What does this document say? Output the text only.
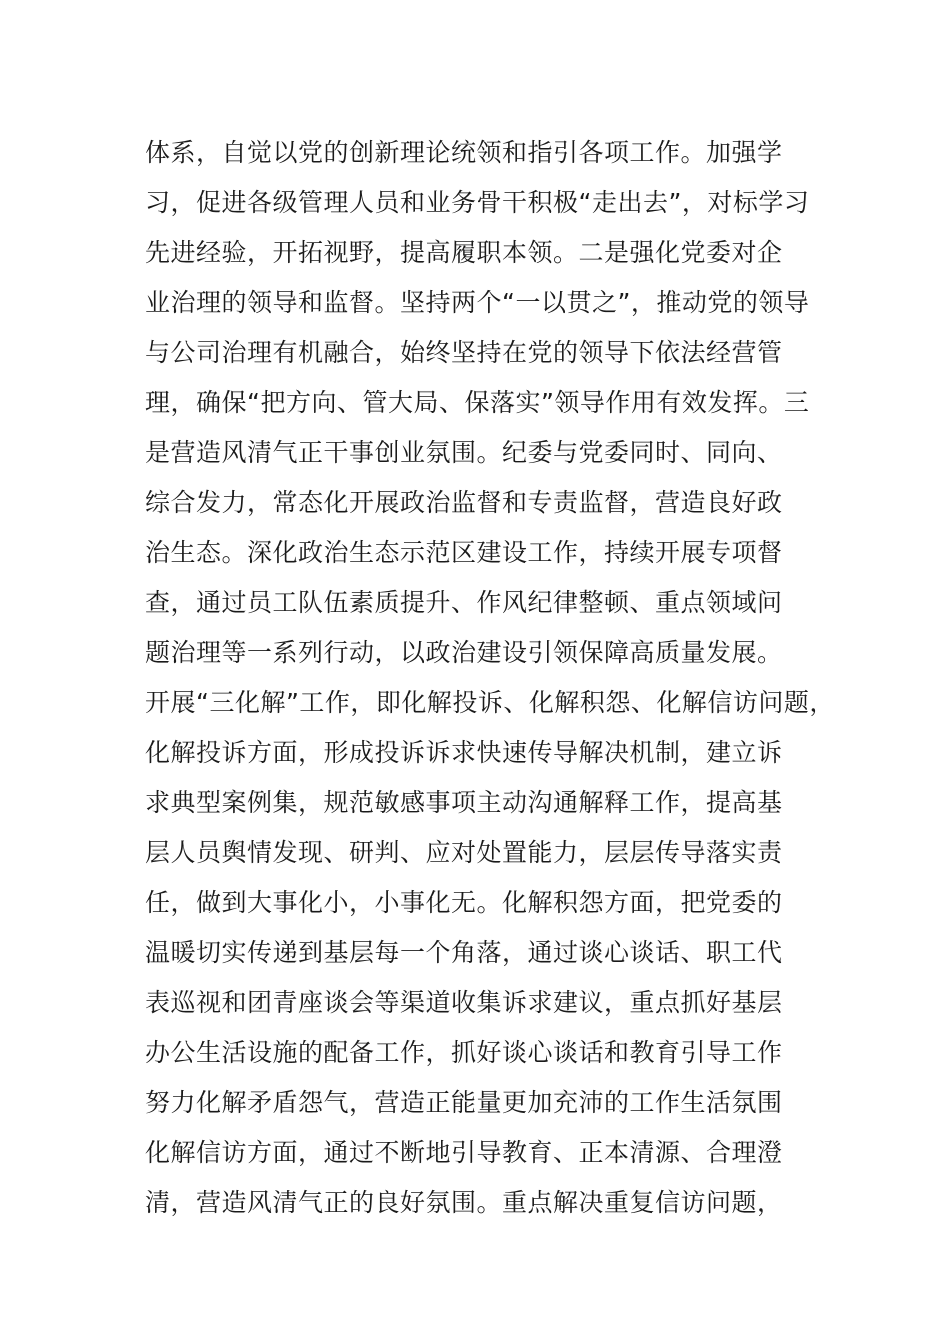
体系，自觉以党的创新理论统领和指引各项工作。加强学
习，促进各级管理人员和业务骨干积极“走出去”，对标学习
先进经验，开拓视野，提高履职本领。二是强化党委对企
业治理的领导和监督。坚持两个“一以贯之”，推动党的领导
与公司治理有机融合，始终坚持在党的领导下依法经营管
理，确保“把方向、管大局、保落实”领导作用有效发挥。三
是营造风清气正干事创业氛围。纪委与党委同时、同向、
综合发力，常态化开展政治监督和专责监督，营造良好政
治生态。深化政治生态示范区建设工作，持续开展专项督
查，通过员工队伍素质提升、作风纪律整顿、重点领域问
题治理等一系列行动，以政治建设引领保障高质量发展。
开展“三化解”工作，即化解投诉、化解积怨、化解信访问题，
化解投诉方面，形成投诉诉求快速传导解决机制，建立诉
求典型案例集，规范敏感事项主动沟通解释工作，提高基
层人员舆情发现、研判、应对处置能力，层层传导落实责
任，做到大事化小，小事化无。化解积怨方面，把党委的
温暖切实传递到基层每一个角落，通过谈心谈话、职工代
表巡视和团青座谈会等渠道收集诉求建议，重点抓好基层
办公生活设施的配备工作，抓好谈心谈话和教育引导工作
努力化解矛盾怨气，营造正能量更加充沛的工作生活氛围
化解信访方面，通过不断地引导教育、正本清源、合理澄
清，营造风清气正的良好氛围。重点解决重复信访问题，
